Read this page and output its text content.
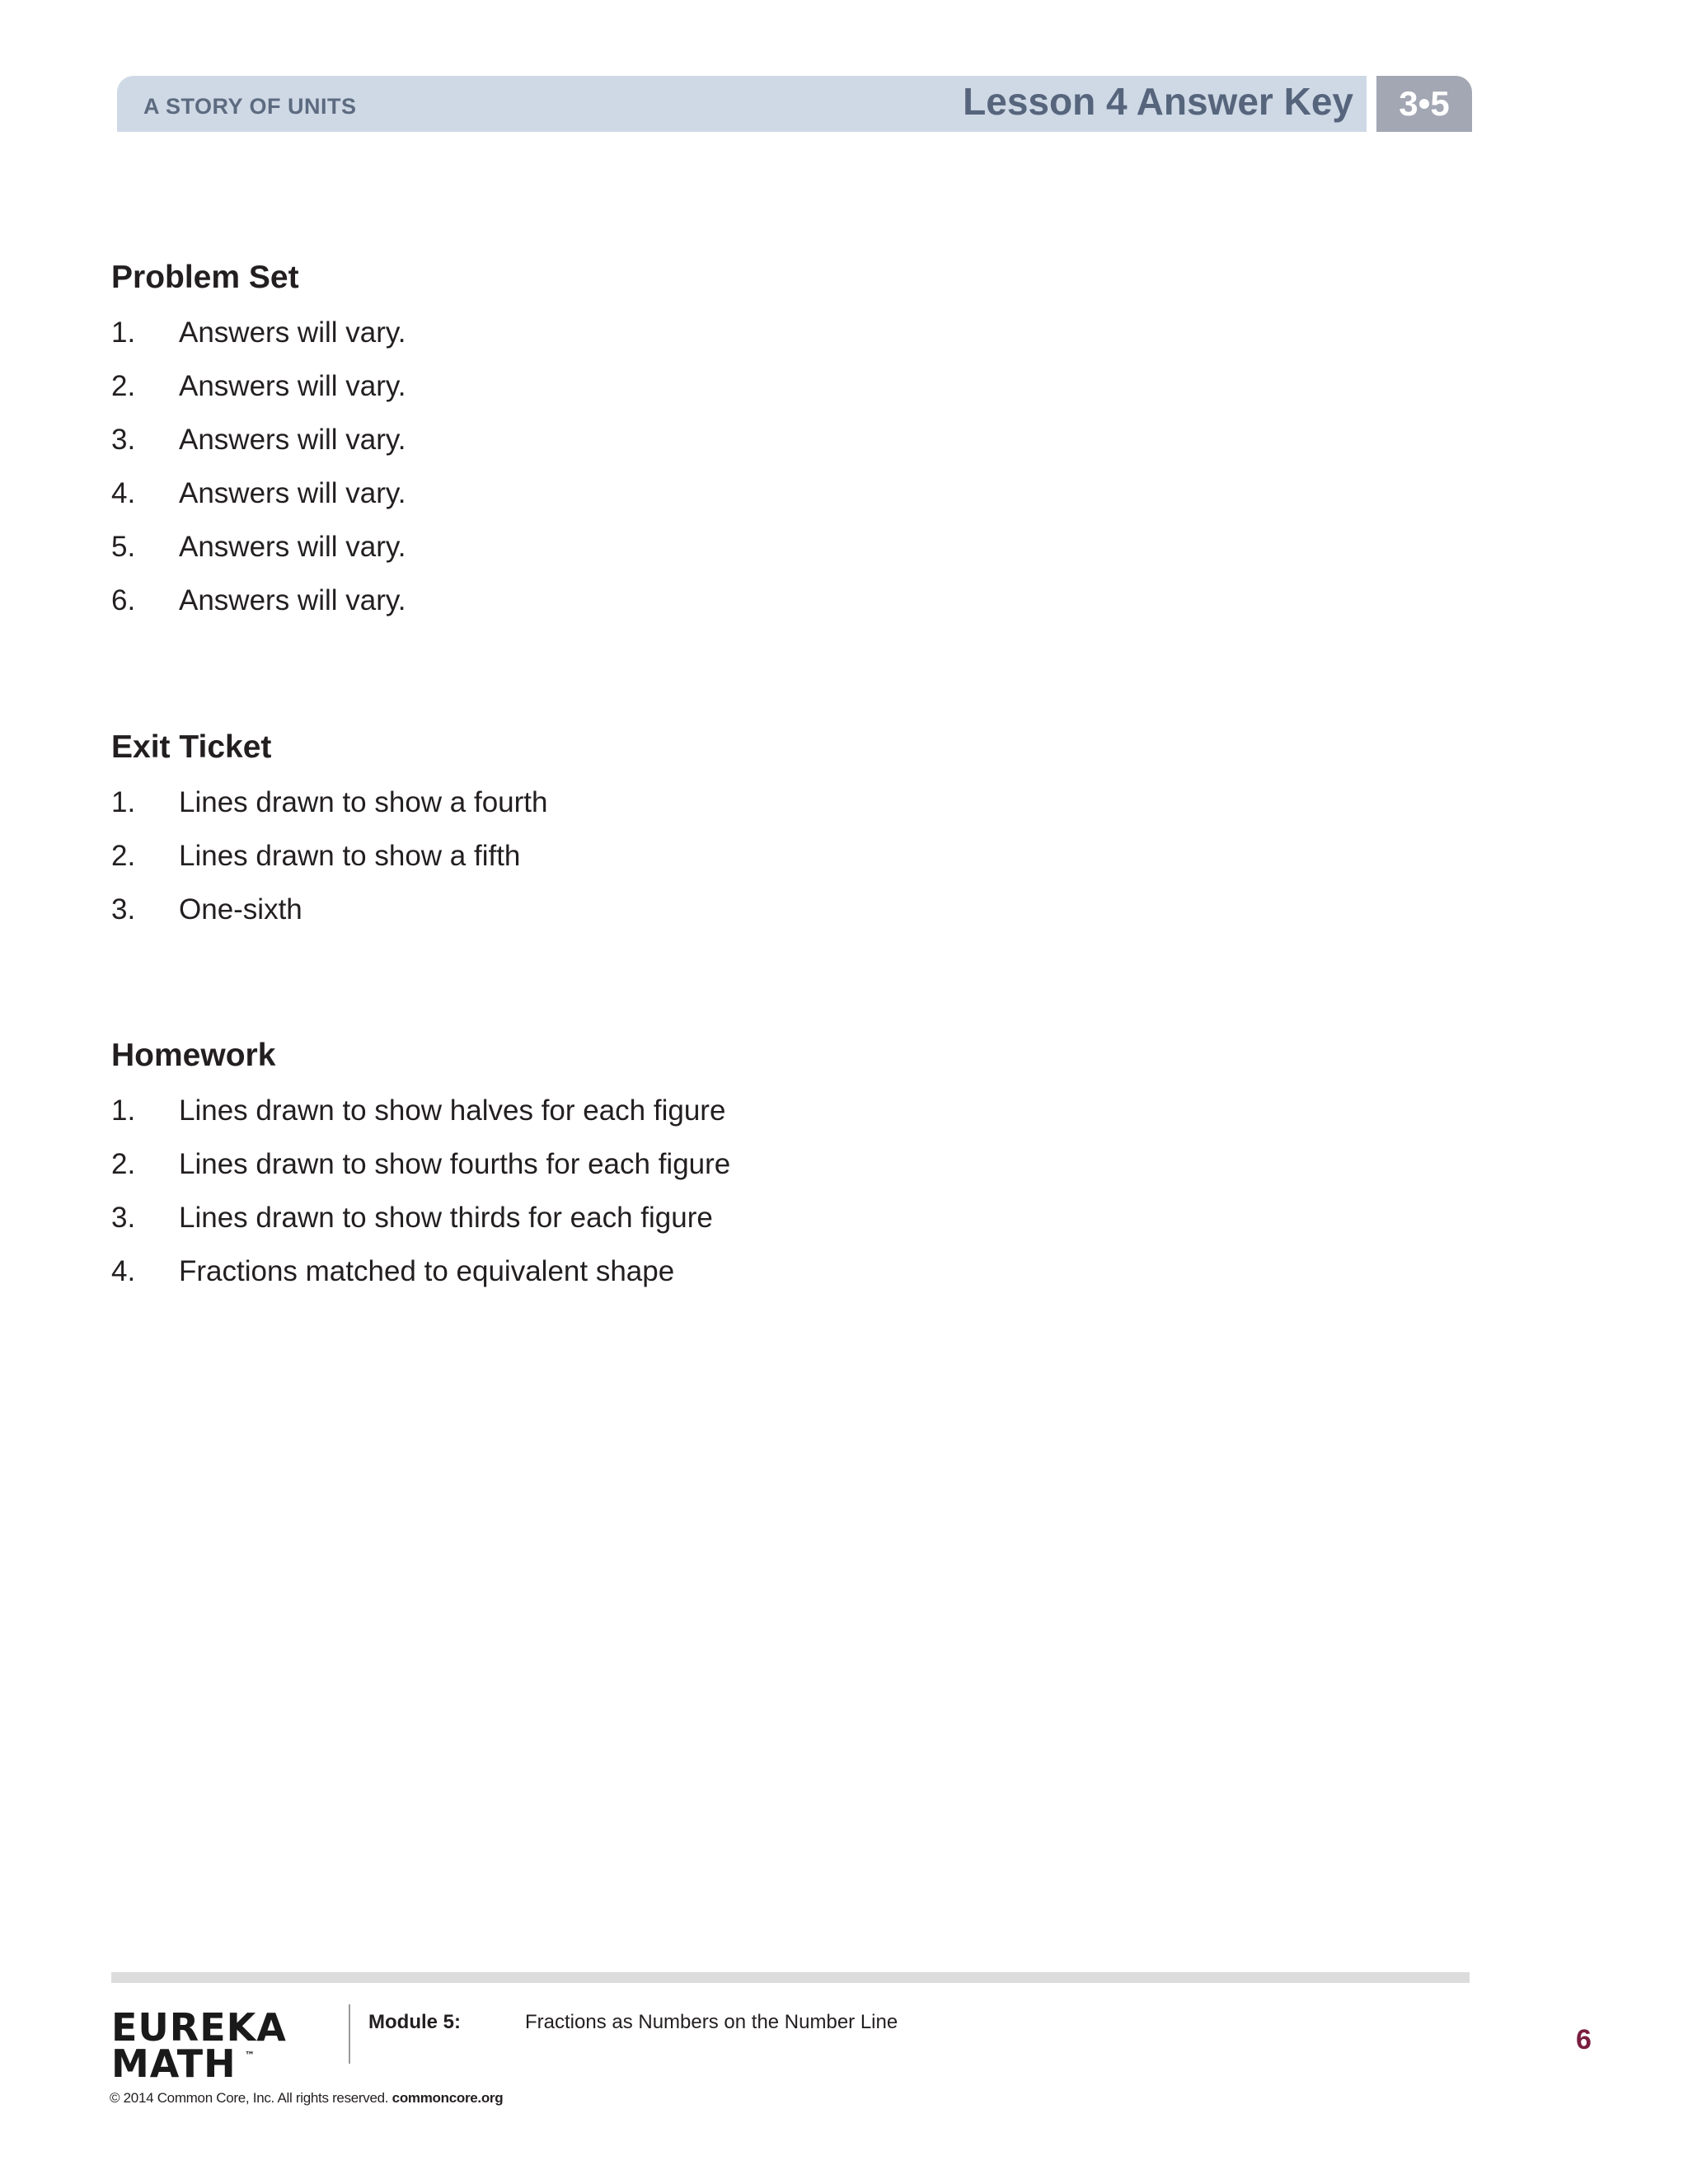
A STORY OF UNITS	Lesson 4 Answer Key	3•5
Problem Set
1. Answers will vary.
2. Answers will vary.
3. Answers will vary.
4. Answers will vary.
5. Answers will vary.
6. Answers will vary.
Exit Ticket
1. Lines drawn to show a fourth
2. Lines drawn to show a fifth
3. One-sixth
Homework
1. Lines drawn to show halves for each figure
2. Lines drawn to show fourths for each figure
3. Lines drawn to show thirds for each figure
4. Fractions matched to equivalent shape
EUREKA
MATH ™
Module 5:	Fractions as Numbers on the Number Line
© 2014 Common Core, Inc. All rights reserved. commoncore.org
6
